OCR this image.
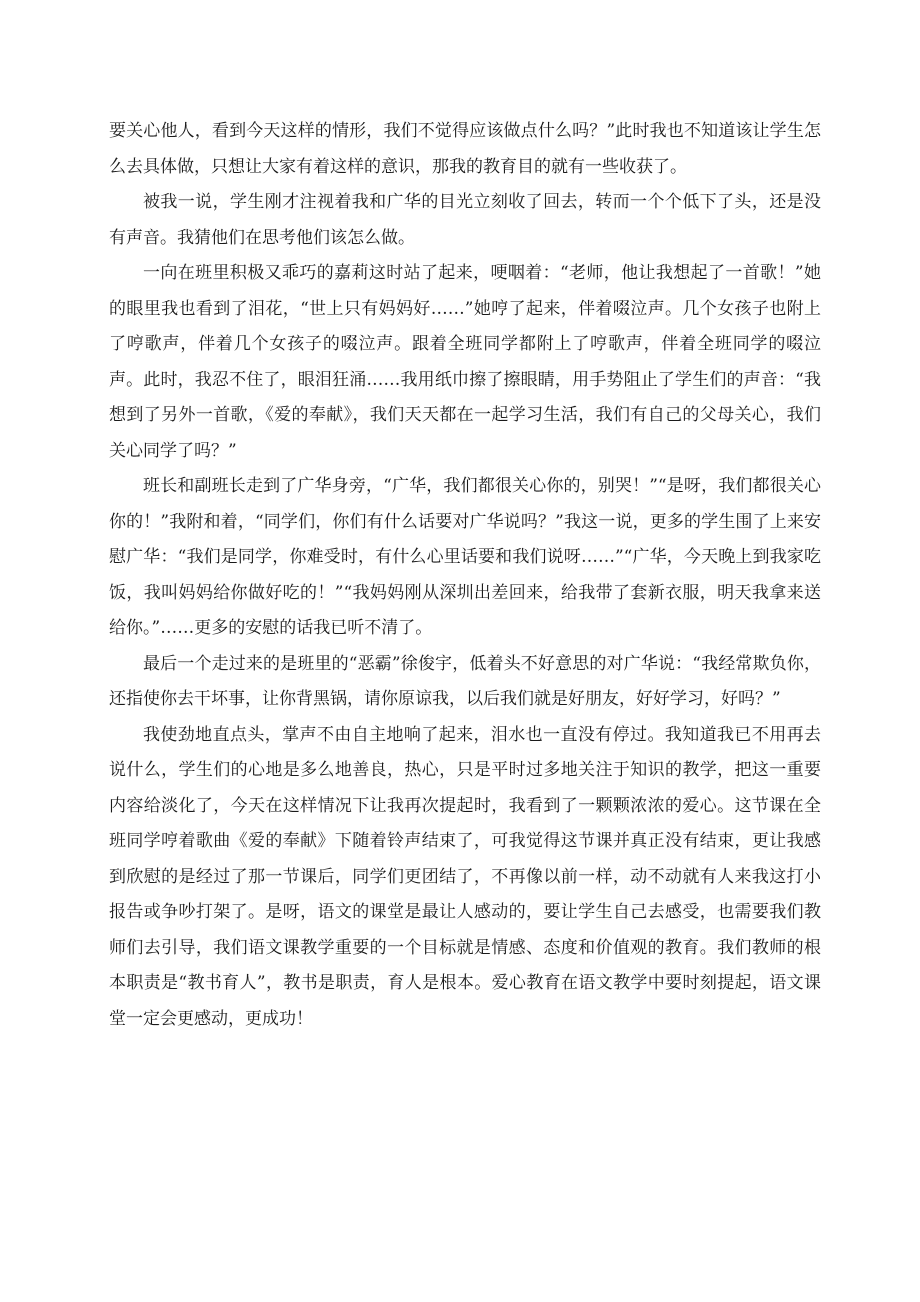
要关心他人，看到今天这样的情形，我们不觉得应该做点什么吗？”此时我也不知道该让学生怎么去具体做，只想让大家有着这样的意识，那我的教育目的就有一些收获了。

被我一说，学生刚才注视着我和广华的目光立刻收了回去，转而一个个低下了头，还是没有声音。我猜他们在思考他们该怎么做。

一向在班里积极又乖巧的嘉莉这时站了起来，哽咽着：“老师，他让我想起了一首歌！”她的眼里我也看到了泪花，“世上只有妈妈好……”她哼了起来，伴着啜泣声。几个女孩子也附上了哼歌声，伴着几个女孩子的啜泣声。跟着全班同学都附上了哼歌声，伴着全班同学的啜泣声。此时，我忍不住了，眼泪狂涌……我用纸巾擦了擦眼睛，用手势阻止了学生们的声音：“我想到了另外一首歌，《爱的奉献》，我们天天都在一起学习生活，我们有自己的父母关心，我们关心同学了吗？”

班长和副班长走到了广华身旁，“广华，我们都很关心你的，别哭！”“是呀，我们都很关心你的！”我附和着，“同学们，你们有什么话要对广华说吗？”我这一说，更多的学生围了上来安慰广华：“我们是同学，你难受时，有什么心里话要和我们说呀……”“广华，今天晚上到我家吃饭，我叫妈妈给你做好吃的！”“我妈妈刚从深圳出差回来，给我带了套新衣服，明天我拿来送给你。”……更多的安慰的话我已听不清了。

最后一个走过来的是班里的“恶霸”徐俊宇，低着头不好意思的对广华说：“我经常欺负你，还指使你去干坏事，让你背黑锅，请你原谅我，以后我们就是好朋友，好好学习，好吗？”

我使劲地直点头，掌声不由自主地响了起来，泪水也一直没有停过。我知道我已不用再去说什么，学生们的心地是多么地善良，热心，只是平时过多地关注于知识的教学，把这一重要内容给淡化了，今天在这样情况下让我再次提起时，我看到了一颗颗浓浓的爱心。这节课在全班同学哼着歌曲《爱的奉献》下随着铃声结束了，可我觉得这节课并真正没有结束，更让我感到欣慰的是经过了那一节课后，同学们更团结了，不再像以前一样，动不动就有人来我这打小报告或争吵打架了。是呀，语文的课堂是最让人感动的，要让学生自己去感受，也需要我们教师们去引导，我们语文课教学重要的一个目标就是情感、态度和价值观的教育。我们教师的根本职责是“教书育人”，教书是职责，育人是根本。爱心教育在语文教学中要时刻提起，语文课堂一定会更感动，更成功！
